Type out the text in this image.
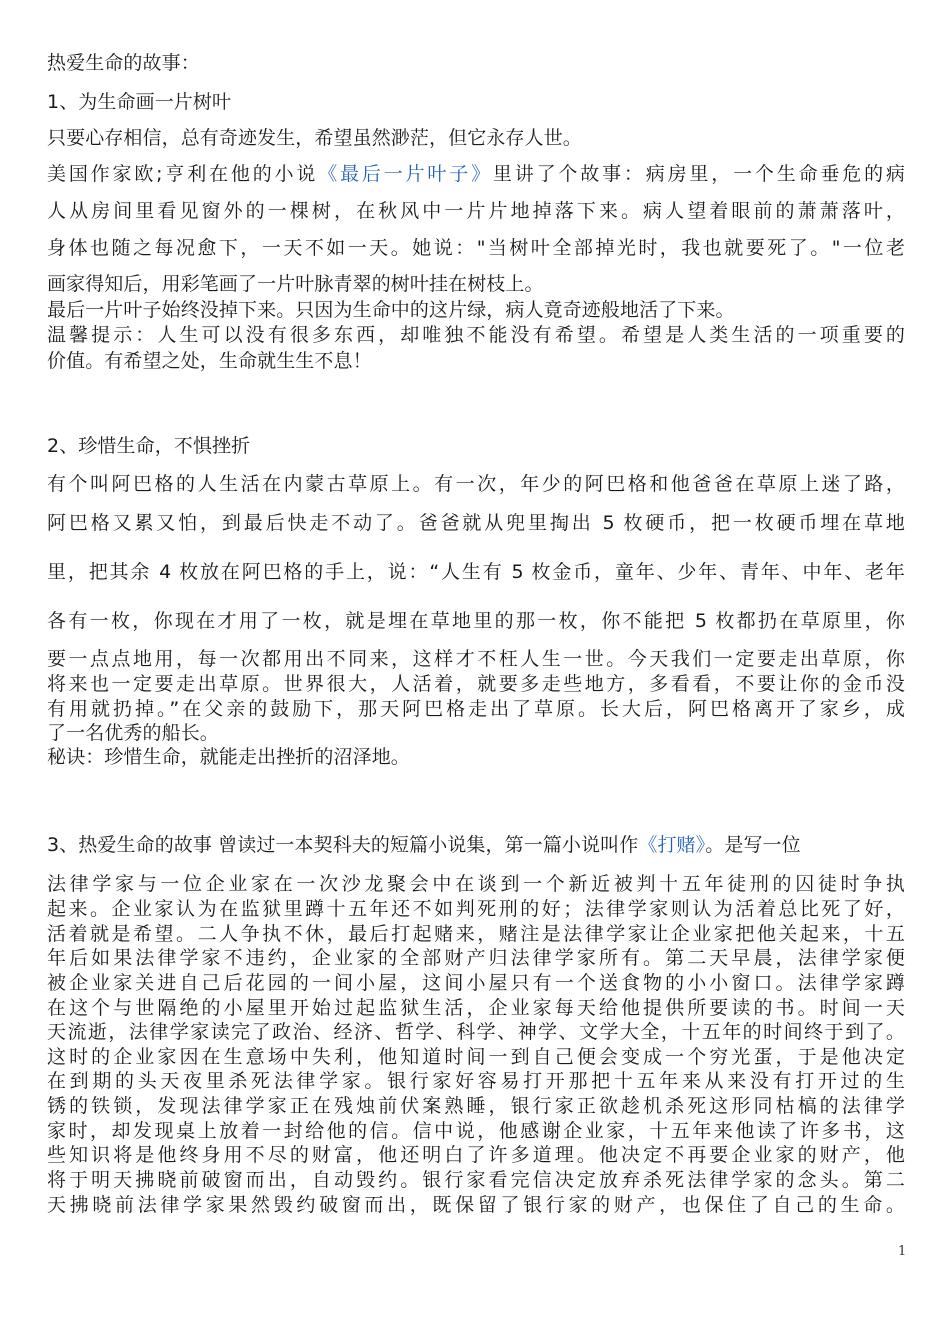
热爱生命的故事：
1、为生命画一片树叶
只要心存相信，总有奇迹发生，希望虽然渺茫，但它永存人世。
美国作家欧;亨利在他的小说《最后一片叶子》里讲了个故事：病房里，一个生命垂危的病
人从房间里看见窗外的一棵树，在秋风中一片片地掉落下来。病人望着眼前的萧萧落叶，
身体也随之每况愈下，一天不如一天。她说："当树叶全部掉光时，我也就要死了。"一位老
画家得知后，用彩笔画了一片叶脉青翠的树叶挂在树枝上。
最后一片叶子始终没掉下来。只因为生命中的这片绿，病人竟奇迹般地活了下来。
温馨提示：人生可以没有很多东西，却唯独不能没有希望。希望是人类生活的一项重要的
价值。有希望之处，生命就生生不息！
2、珍惜生命，不惧挫折
有个叫阿巴格的人生活在内蒙古草原上。有一次，年少的阿巴格和他爸爸在草原上迷了路，
阿巴格又累又怕，到最后快走不动了。爸爸就从兜里掏出 5 枚硬币，把一枚硬币埋在草地
里，把其余 4 枚放在阿巴格的手上，说：“人生有 5 枚金币，童年、少年、青年、中年、老年
各有一枚，你现在才用了一枚，就是埋在草地里的那一枚，你不能把 5 枚都扔在草原里，你
要一点点地用，每一次都用出不同来，这样才不枉人生一世。今天我们一定要走出草原，你
将来也一定要走出草原。世界很大，人活着，就要多走些地方，多看看，不要让你的金币没
有用就扔掉。”在父亲的鼓励下，那天阿巴格走出了草原。长大后，阿巴格离开了家乡，成
了一名优秀的船长。
秘诀：珍惜生命，就能走出挫折的沼泽地。
3、热爱生命的故事 曾读过一本契科夫的短篇小说集，第一篇小说叫作《打赌》。是写一位
法律学家与一位企业家在一次沙龙聚会中在谈到一个新近被判十五年徒刑的囚徒时争执
起来。企业家认为在监狱里蹲十五年还不如判死刑的好；法律学家则认为活着总比死了好，
活着就是希望。二人争执不休，最后打起赌来，赌注是法律学家让企业家把他关起来，十五
年后如果法律学家不违约，企业家的全部财产归法律学家所有。第二天早晨，法律学家便
被企业家关进自己后花园的一间小屋，这间小屋只有一个送食物的小小窗口。法律学家蹲
在这个与世隔绝的小屋里开始过起监狱生活，企业家每天给他提供所要读的书。时间一天
天流逝，法律学家读完了政治、经济、哲学、科学、神学、文学大全，十五年的时间终于到了。
这时的企业家因在生意场中失利，他知道时间一到自己便会变成一个穷光蛋，于是他决定
在到期的头天夜里杀死法律学家。银行家好容易打开那把十五年来从来没有打开过的生
锈的铁锁，发现法律学家正在残烛前伏案熟睡，银行家正欲趁机杀死这形同枯槁的法律学
家时，却发现桌上放着一封给他的信。信中说，他感谢企业家，十五年来他读了许多书，这
些知识将是他终身用不尽的财富，他还明白了许多道理。他决定不再要企业家的财产，他
将于明天拂晓前破窗而出，自动毁约。银行家看完信决定放弃杀死法律学家的念头。第二
天拂晓前法律学家果然毁约破窗而出，既保留了银行家的财产，也保住了自己的生命。
1
